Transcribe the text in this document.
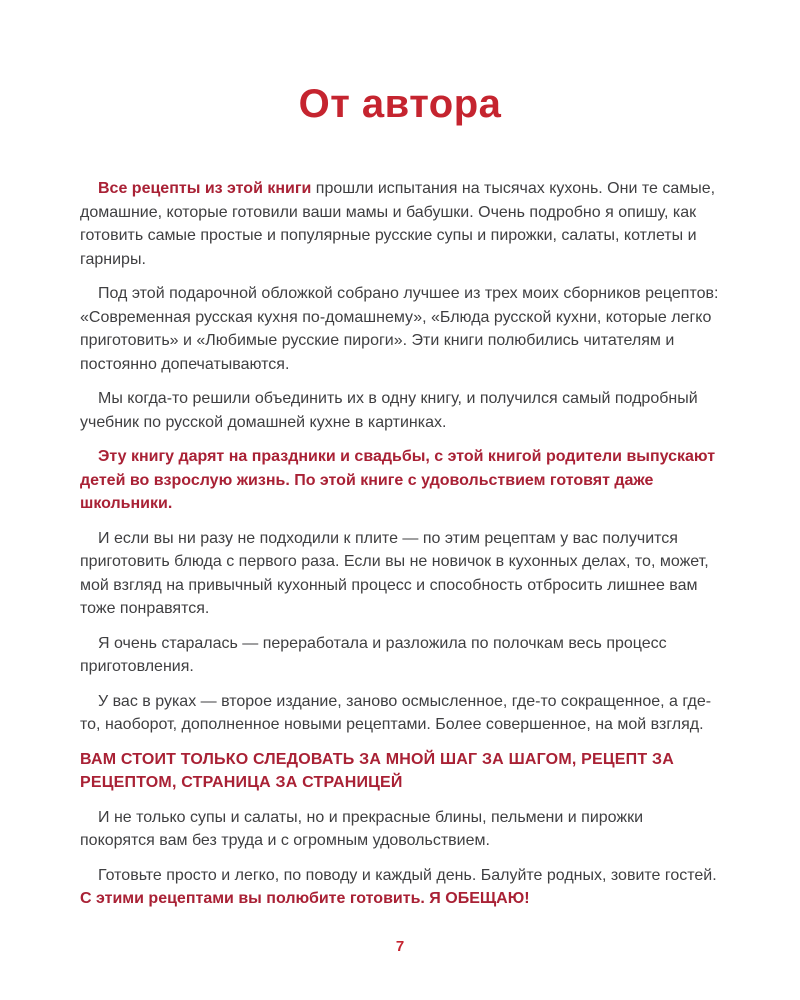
От автора

Все рецепты из этой книги прошли испытания на тысячах кухонь. Они те самые, домашние, которые готовили ваши мамы и бабушки. Очень подробно я опишу, как готовить самые простые и популярные русские супы и пирожки, салаты, котлеты и гарниры.

Под этой подарочной обложкой собрано лучшее из трех моих сборников рецептов: «Современная русская кухня по-домашнему», «Блюда русской кухни, которые легко приготовить» и «Любимые русские пироги». Эти книги полюбились читателям и постоянно допечатываются.

Мы когда-то решили объединить их в одну книгу, и получился самый подробный учебник по русской домашней кухне в картинках.

Эту книгу дарят на праздники и свадьбы, с этой книгой родители выпускают детей во взрослую жизнь. По этой книге с удовольствием готовят даже школьники.

И если вы ни разу не подходили к плите — по этим рецептам у вас получится приготовить блюда с первого раза. Если вы не новичок в кухонных делах, то, может, мой взгляд на привычный кухонный процесс и способность отбросить лишнее вам тоже понравятся.

Я очень старалась — переработала и разложила по полочкам весь процесс приготовления.

У вас в руках — второе издание, заново осмысленное, где-то сокращенное, а где-то, наоборот, дополненное новыми рецептами. Более совершенное, на мой взгляд.

ВАМ СТОИТ ТОЛЬКО СЛЕДОВАТЬ ЗА МНОЙ ШАГ ЗА ШАГОМ, РЕЦЕПТ ЗА РЕЦЕПТОМ, СТРАНИЦА ЗА СТРАНИЦЕЙ

И не только супы и салаты, но и прекрасные блины, пельмени и пирожки покорятся вам без труда и с огромным удовольствием.

Готовьте просто и легко, по поводу и каждый день. Балуйте родных, зовите гостей. С этими рецептами вы полюбите готовить. Я ОБЕЩАЮ!

7
